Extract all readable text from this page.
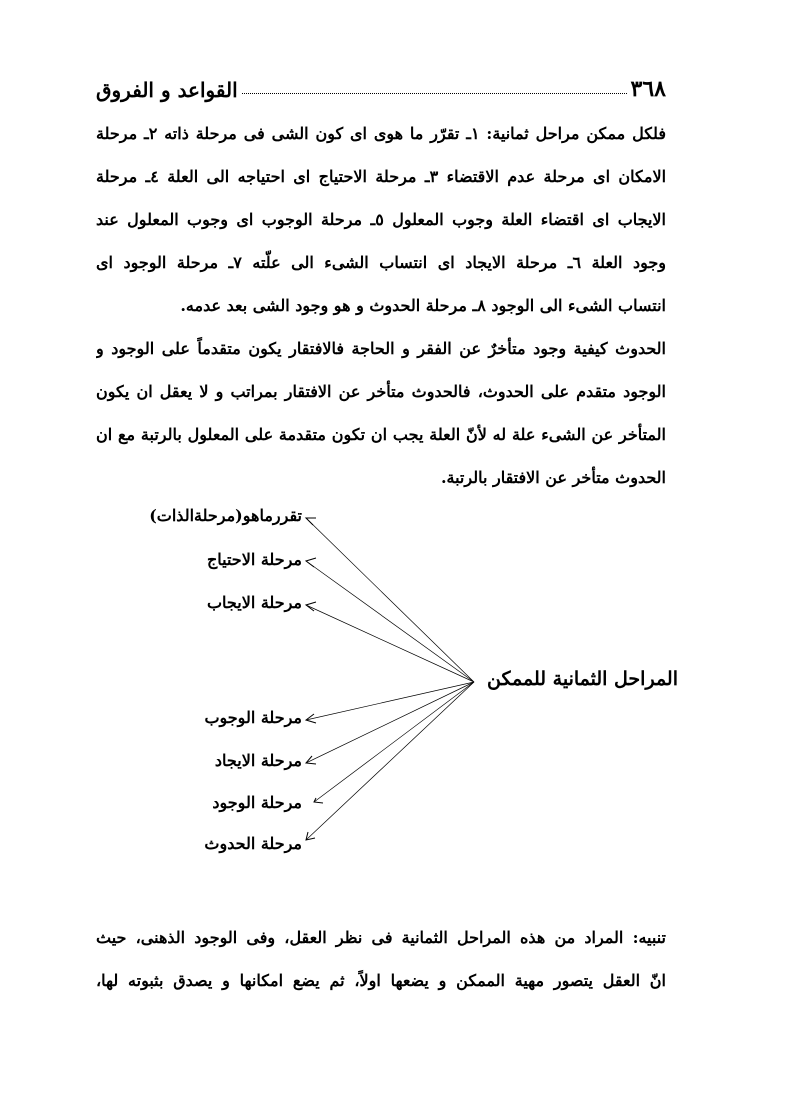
٣٦٨
القواعد و الفروق
فلكل ممكن مراحل ثمانية: ١ـ تقرّر ما هوى اى كون الشى فى مرحلة ذاته ٢ـ مرحلة
الامكان اى مرحلة عدم الاقتضاء ٣ـ مرحلة الاحتياج اى احتياجه الى العلة ٤ـ مرحلة
الايجاب اى اقتضاء العلة وجوب المعلول ٥ـ مرحلة الوجوب اى وجوب المعلول عند
وجود العلة ٦ـ مرحلة الايجاد اى انتساب الشىء الى علّته ٧ـ مرحلة الوجود اى
انتساب الشىء الى الوجود ٨ـ مرحلة الحدوث و هو وجود الشى بعد عدمه.
الحدوث كيفية وجود متأخرٌ عن الفقر و الحاجة فالافتقار يكون متقدماً على الوجود و
الوجود متقدم على الحدوث، فالحدوث متأخر عن الافتقار بمراتب و لا يعقل ان يكون
المتأخر عن الشىء علة له لأنّ العلة يجب ان تكون متقدمة على المعلول بالرتبة مع ان
الحدوث متأخر عن الافتقار بالرتبة.
المراحل الثمانية للممكن
تقررماهو(مرحلةالذات)
مرحلة الاحتياج
مرحلة الايجاب
مرحلة الوجوب
مرحلة الايجاد
مرحلة الوجود
مرحلة الحدوث
تنبيه: المراد من هذه المراحل الثمانية فى نظر العقل، وفى الوجود الذهنى، حيث
انّ العقل يتصور مهية الممكن و يضعها اولاً، ثم يضع امكانها و يصدق بثبوته لها،
